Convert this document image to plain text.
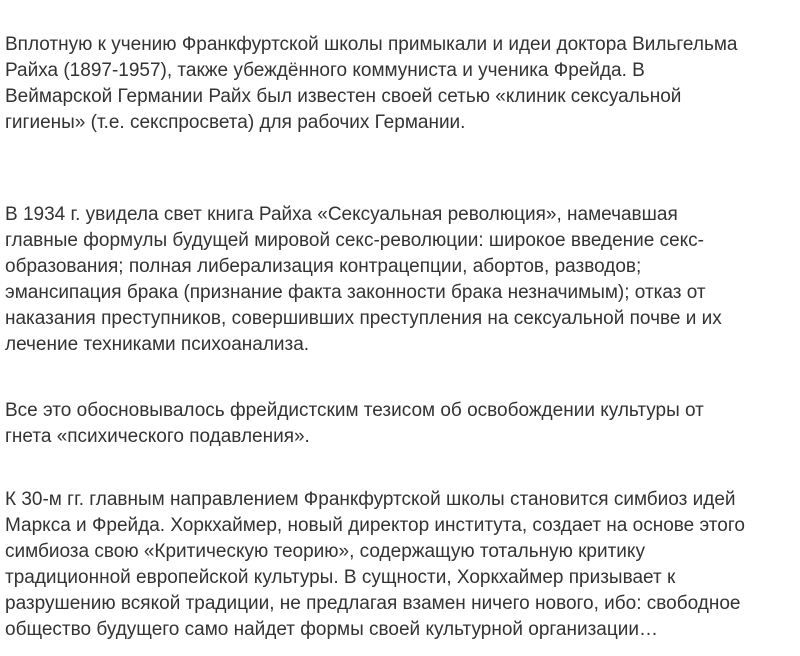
Вплотную к учению Франкфуртской школы примыкали и идеи доктора Вильгельма
Райха (1897-1957), также убеждённого коммуниста и ученика Фрейда. В
Веймарской Германии Райх был известен своей сетью «клиник сексуальной
гигиены» (т.е. секспросвета) для рабочих Германии.

В 1934 г. увидела свет книга Райха «Сексуальная революция», намечавшая
главные формулы будущей мировой секс-революции: широкое введение секс-
образования; полная либерализация контрацепции, абортов, разводов;
эмансипация брака (признание факта законности брака незначимым); отказ от
наказания преступников, совершивших преступления на сексуальной почве и их
лечение техниками психоанализа.

Все это обосновывалось фрейдистским тезисом об освобождении культуры от
гнета «психического подавления».

К 30-м гг. главным направлением Франкфуртской школы становится симбиоз идей
Маркса и Фрейда. Хоркхаймер, новый директор института, создает на основе этого
симбиоза свою «Критическую теорию», содержащую тотальную критику
традиционной европейской культуры. В сущности, Хоркхаймер призывает к
разрушению всякой традиции, не предлагая взамен ничего нового, ибо: свободное
общество будущего само найдет формы своей культурной организации…
